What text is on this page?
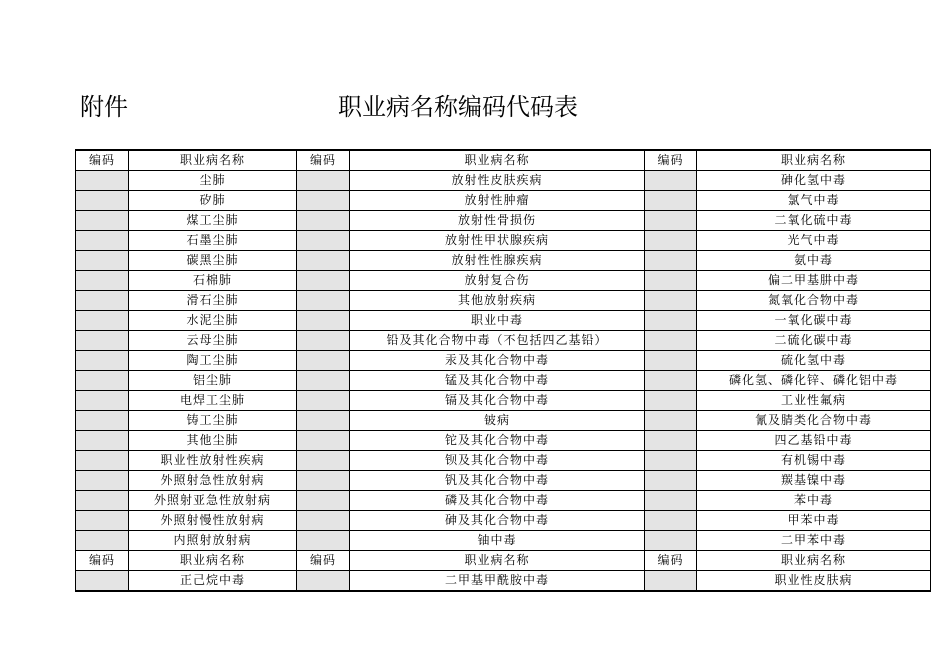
附件	职业病名称编码代码表
编码	职业病名称	编码	职业病名称	编码	职业病名称
	尘肺		放射性皮肤疾病		砷化氢中毒
	矽肺		放射性肿瘤		氯气中毒
	煤工尘肺		放射性骨损伤		二氧化硫中毒
	石墨尘肺		放射性甲状腺疾病		光气中毒
	碳黑尘肺		放射性性腺疾病		氨中毒
	石棉肺		放射复合伤		偏二甲基肼中毒
	滑石尘肺		其他放射疾病		氮氧化合物中毒
	水泥尘肺		职业中毒		一氧化碳中毒
	云母尘肺		铅及其化合物中毒（不包括四乙基铅）		二硫化碳中毒
	陶工尘肺		汞及其化合物中毒		硫化氢中毒
	铝尘肺		锰及其化合物中毒		磷化氢、磷化锌、磷化铝中毒
	电焊工尘肺		镉及其化合物中毒		工业性氟病
	铸工尘肺		铍病		氰及腈类化合物中毒
	其他尘肺		铊及其化合物中毒		四乙基铅中毒
	职业性放射性疾病		钡及其化合物中毒		有机锡中毒
	外照射急性放射病		钒及其化合物中毒		羰基镍中毒
	外照射亚急性放射病		磷及其化合物中毒		苯中毒
	外照射慢性放射病		砷及其化合物中毒		甲苯中毒
	内照射放射病		铀中毒		二甲苯中毒
编码	职业病名称	编码	职业病名称	编码	职业病名称
	正己烷中毒		二甲基甲酰胺中毒		职业性皮肤病
